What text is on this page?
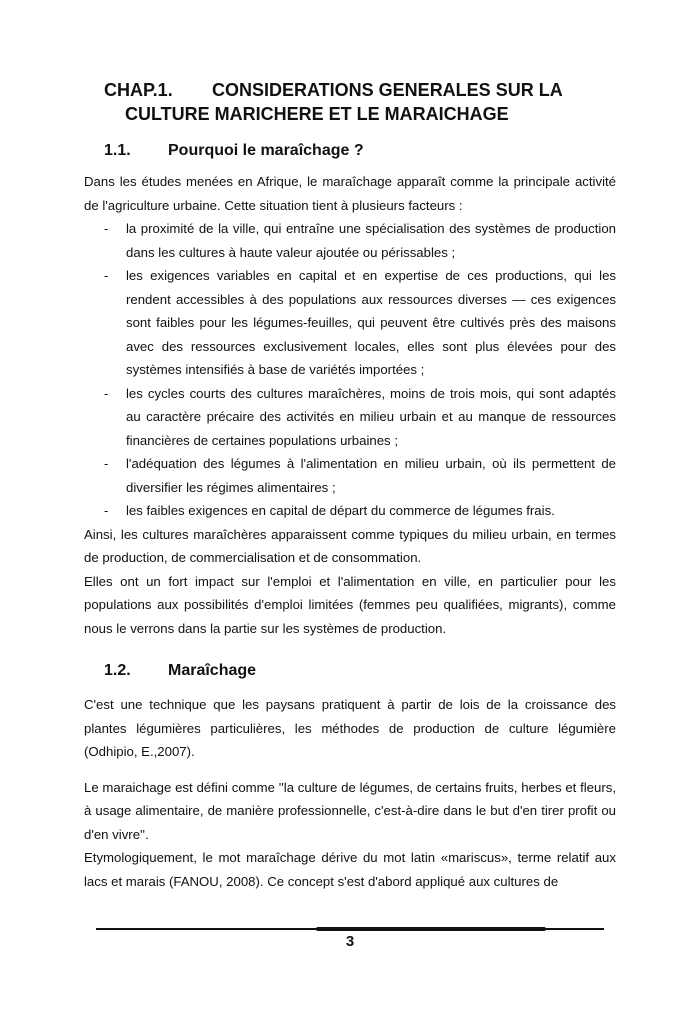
CHAP.1. CONSIDERATIONS GENERALES SUR LA
CULTURE MARICHERE ET LE MARAICHAGE
1.1. Pourquoi le maraîchage ?

Dans les études menées en Afrique, le maraîchage apparaît comme la principale activité de l'agriculture urbaine. Cette situation tient à plusieurs facteurs :

- la proximité de la ville, qui entraîne une spécialisation des systèmes de production dans les cultures à haute valeur ajoutée ou périssables ;
- les exigences variables en capital et en expertise de ces productions, qui les rendent accessibles à des populations aux ressources diverses — ces exigences sont faibles pour les légumes-feuilles, qui peuvent être cultivés près des maisons avec des ressources exclusivement locales, elles sont plus élevées pour des systèmes intensifiés à base de variétés importées ;
- les cycles courts des cultures maraîchères, moins de trois mois, qui sont adaptés au caractère précaire des activités en milieu urbain et au manque de ressources financières de certaines populations urbaines ;
- l'adéquation des légumes à l'alimentation en milieu urbain, où ils permettent de diversifier les régimes alimentaires ;
- les faibles exigences en capital de départ du commerce de légumes frais.

Ainsi, les cultures maraîchères apparaissent comme typiques du milieu urbain, en termes de production, de commercialisation et de consommation.

Elles ont un fort impact sur l'emploi et l'alimentation en ville, en particulier pour les populations aux possibilités d'emploi limitées (femmes peu qualifiées, migrants), comme nous le verrons dans la partie sur les systèmes de production.

1.2. Maraîchage

C'est une technique que les paysans pratiquent à partir de lois de la croissance des plantes légumières particulières, les méthodes de production de culture légumière (Odhipio, E.,2007).

Le maraichage est défini comme ''la culture de légumes, de certains fruits, herbes et fleurs, à usage alimentaire, de manière professionnelle, c'est-à-dire dans le but d'en tirer profit ou d'en vivre''.

Etymologiquement, le mot maraîchage dérive du mot latin «mariscus», terme relatif aux lacs et marais (FANOU, 2008). Ce concept s'est d'abord appliqué aux cultures de

3
